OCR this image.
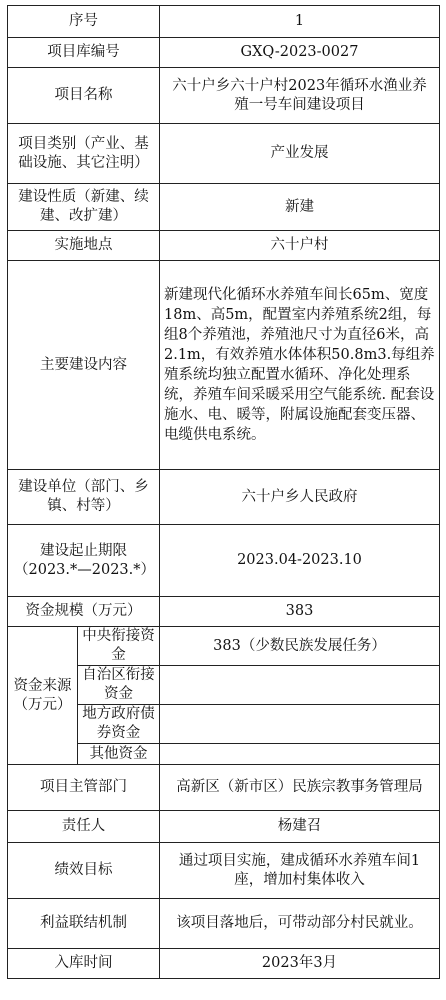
序号		1
项目库编号		GXQ-2023-0027
项目名称		六十户乡六十户村2023年循环水渔业养殖一号车间建设项目
项目类别（产业、基础设施、其它注明）		产业发展
建设性质（新建、续建、改扩建）		新建
实施地点		六十户村
主要建设内容		新建现代化循环水养殖车间长65m、宽度18m、高5m，配置室内养殖系统2组，每组8个养殖池，养殖池尺寸为直径6米，高2.1m，有效养殖水体体积50.8m3.每组养 殖系统均独立配置水循环、净化处理系统，养殖车间采暖采用空气能系统. 配套设施水、电、暖等，附属设施配套变压器、电缆供电系统。
建设单位（部门、乡镇、村等）		六十户乡人民政府
建设起止期限（2023.*—2023.*）		2023.04-2023.10
资金规模（万元）		383
资金来源（万元）	中央衔接资金	383（少数民族发展任务）
	自治区衔接资金	
	地方政府债券资金	
	其他资金	
项目主管部门		高新区（新市区）民族宗教事务管理局
责任人		杨建召
绩效目标		通过项目实施，建成循环水养殖车间1座，增加村集体收入
利益联结机制		该项目落地后，可带动部分村民就业。
入库时间		2023年3月
